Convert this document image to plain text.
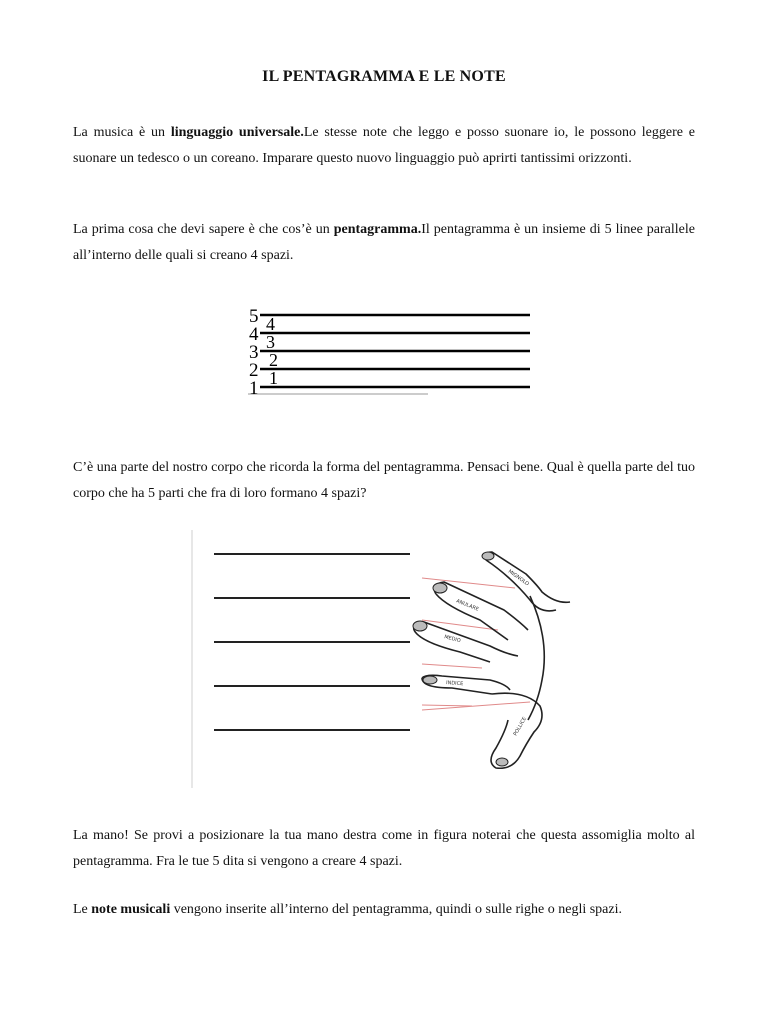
IL PENTAGRAMMA E LE NOTE

La musica è un linguaggio universale.Le stesse note che leggo e posso suonare io, le possono leggere e suonare un tedesco o un coreano. Imparare questo nuovo linguaggio può aprirti tantissimi orizzonti.

La prima cosa che devi sapere è che cos’è un pentagramma.Il pentagramma è un insieme di 5 linee parallele all’interno delle quali si creano 4 spazi.

5
4
3
2
1
4
3
2
1

C’è una parte del nostro corpo che ricorda la forma del pentagramma. Pensaci bene. Qual è quella parte del tuo corpo che ha 5 parti che fra di loro formano 4 spazi?

MIGNOLO
ANULARE
MEDIO
INDICE
POLLICE

La mano! Se provi a posizionare la tua mano destra come in figura noterai che questa assomiglia molto al pentagramma. Fra le tue 5 dita si vengono a creare 4 spazi.

Le note musicali vengono inserite all’interno del pentagramma, quindi o sulle righe o negli spazi.
